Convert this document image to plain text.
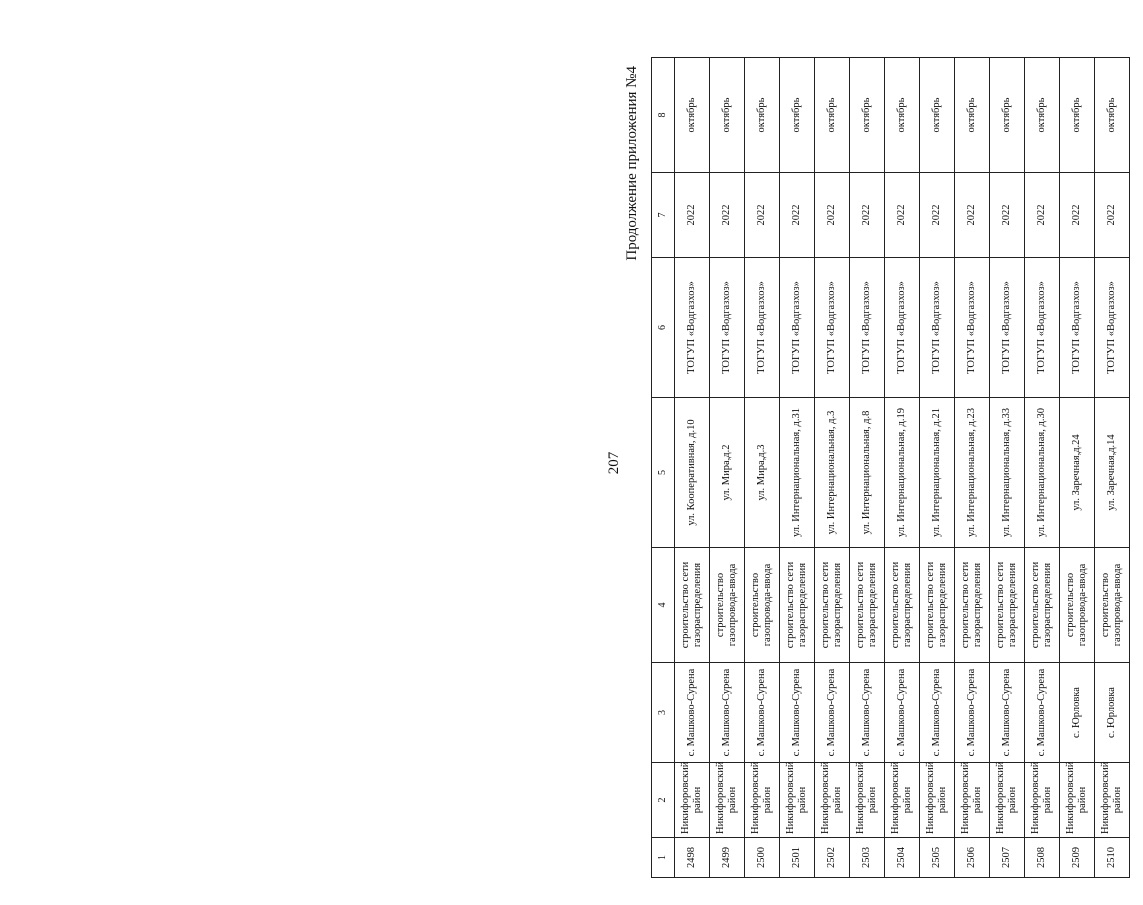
207
Продолжение приложения №4
1	2	3	4	5	6	7	8
2498	Никифоровский район	с. Машково-Сурена	строительство сети газораспределения	ул. Кооперативная, д.10	ТОГУП «Водгазхоз»	2022	октябрь
2499	Никифоровский район	с. Машково-Сурена	строительство газопровода-ввода	ул. Мира,д.2	ТОГУП «Водгазхоз»	2022	октябрь
2500	Никифоровский район	с. Машково-Сурена	строительство газопровода-ввода	ул. Мира,д.3	ТОГУП «Водгазхоз»	2022	октябрь
2501	Никифоровский район	с. Машково-Сурена	строительство сети газораспределения	ул. Интернациональная, д.31	ТОГУП «Водгазхоз»	2022	октябрь
2502	Никифоровский район	с. Машково-Сурена	строительство сети газораспределения	ул. Интернациональная, д.3	ТОГУП «Водгазхоз»	2022	октябрь
2503	Никифоровский район	с. Машково-Сурена	строительство сети газораспределения	ул. Интернациональная, д.8	ТОГУП «Водгазхоз»	2022	октябрь
2504	Никифоровский район	с. Машково-Сурена	строительство сети газораспределения	ул. Интернациональная, д.19	ТОГУП «Водгазхоз»	2022	октябрь
2505	Никифоровский район	с. Машково-Сурена	строительство сети газораспределения	ул. Интернациональная, д.21	ТОГУП «Водгазхоз»	2022	октябрь
2506	Никифоровский район	с. Машково-Сурена	строительство сети газораспределения	ул. Интернациональная, д.23	ТОГУП «Водгазхоз»	2022	октябрь
2507	Никифоровский район	с. Машково-Сурена	строительство сети газораспределения	ул. Интернациональная, д.33	ТОГУП «Водгазхоз»	2022	октябрь
2508	Никифоровский район	с. Машково-Сурена	строительство сети газораспределения	ул. Интернациональная, д.30	ТОГУП «Водгазхоз»	2022	октябрь
2509	Никифоровский район	с. Юрловка	строительство газопровода-ввода	ул. Заречная,д.24	ТОГУП «Водгазхоз»	2022	октябрь
2510	Никифоровский район	с. Юрловка	строительство газопровода-ввода	ул. Заречная,д.14	ТОГУП «Водгазхоз»	2022	октябрь
